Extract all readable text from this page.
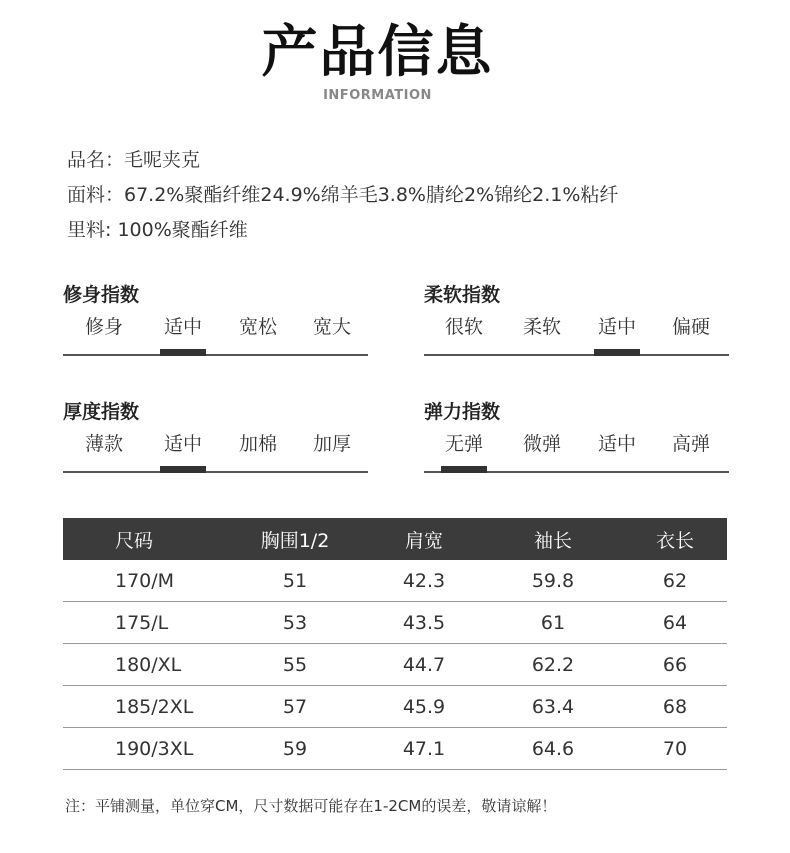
产品信息
INFORMATION
品名：毛呢夹克
面料：67.2%聚酯纤维24.9%绵羊毛3.8%腈纶2%锦纶2.1%粘纤
里料: 100%聚酯纤维
修身指数
修身	适中	宽松	宽大
柔软指数
很软	柔软	适中	偏硬
厚度指数
薄款	适中	加棉	加厚
弹力指数
无弹	微弹	适中	高弹
尺码	胸围1/2	肩宽	袖长	衣长
170/M	51	42.3	59.8	62
175/L	53	43.5	61	64
180/XL	55	44.7	62.2	66
185/2XL	57	45.9	63.4	68
190/3XL	59	47.1	64.6	70
注：平铺测量，单位穿CM，尺寸数据可能存在1-2CM的误差，敬请谅解！
